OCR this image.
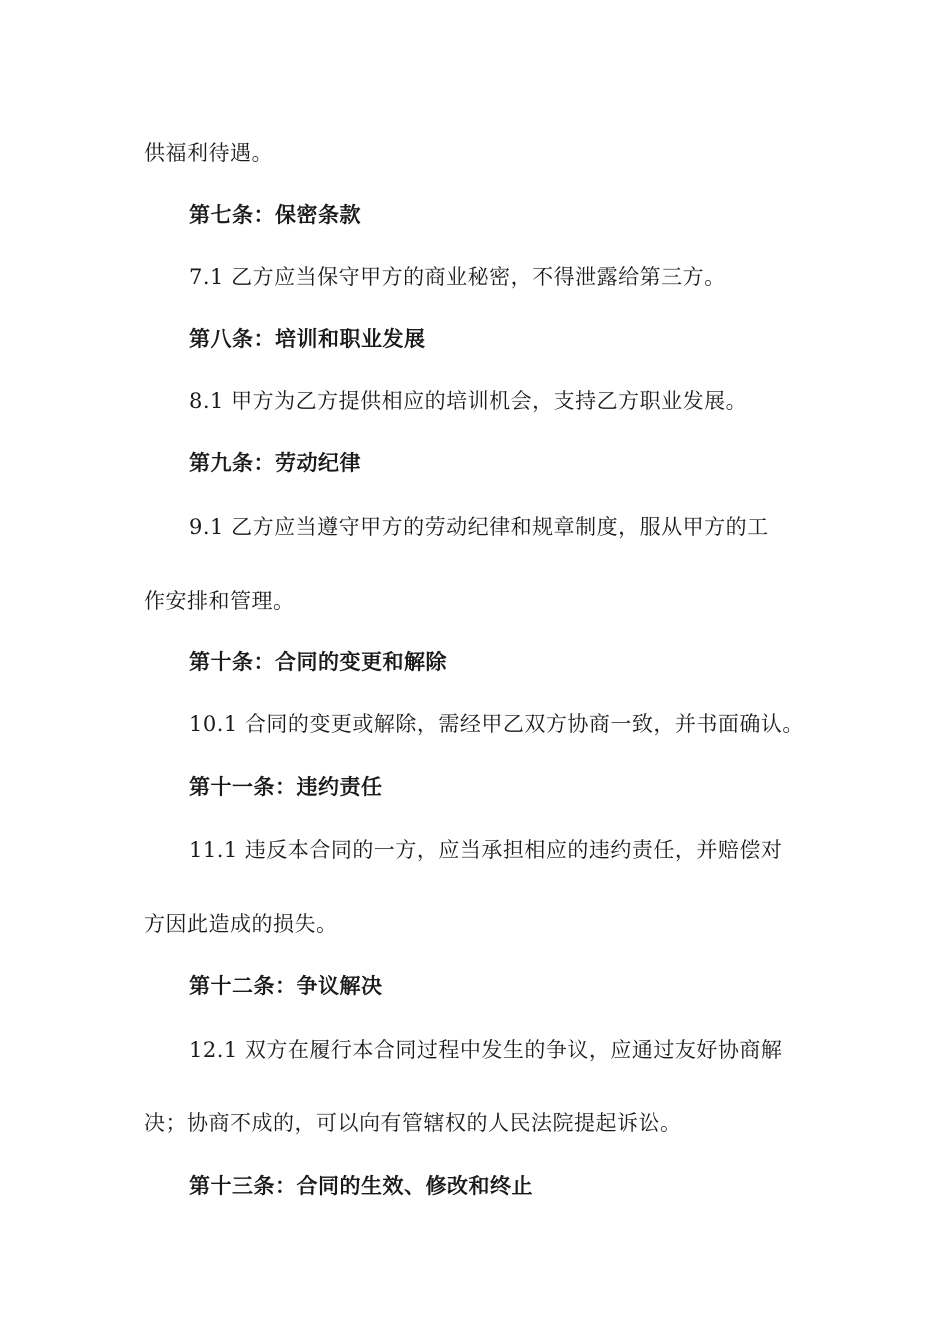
供福利待遇。
第七条：保密条款
7.1 乙方应当保守甲方的商业秘密，不得泄露给第三方。
第八条：培训和职业发展
8.1 甲方为乙方提供相应的培训机会，支持乙方职业发展。
第九条：劳动纪律
9.1 乙方应当遵守甲方的劳动纪律和规章制度，服从甲方的工
作安排和管理。
第十条：合同的变更和解除
10.1 合同的变更或解除，需经甲乙双方协商一致，并书面确认。
第十一条：违约责任
11.1 违反本合同的一方，应当承担相应的违约责任，并赔偿对
方因此造成的损失。
第十二条：争议解决
12.1 双方在履行本合同过程中发生的争议，应通过友好协商解
决；协商不成的，可以向有管辖权的人民法院提起诉讼。
第十三条：合同的生效、修改和终止
